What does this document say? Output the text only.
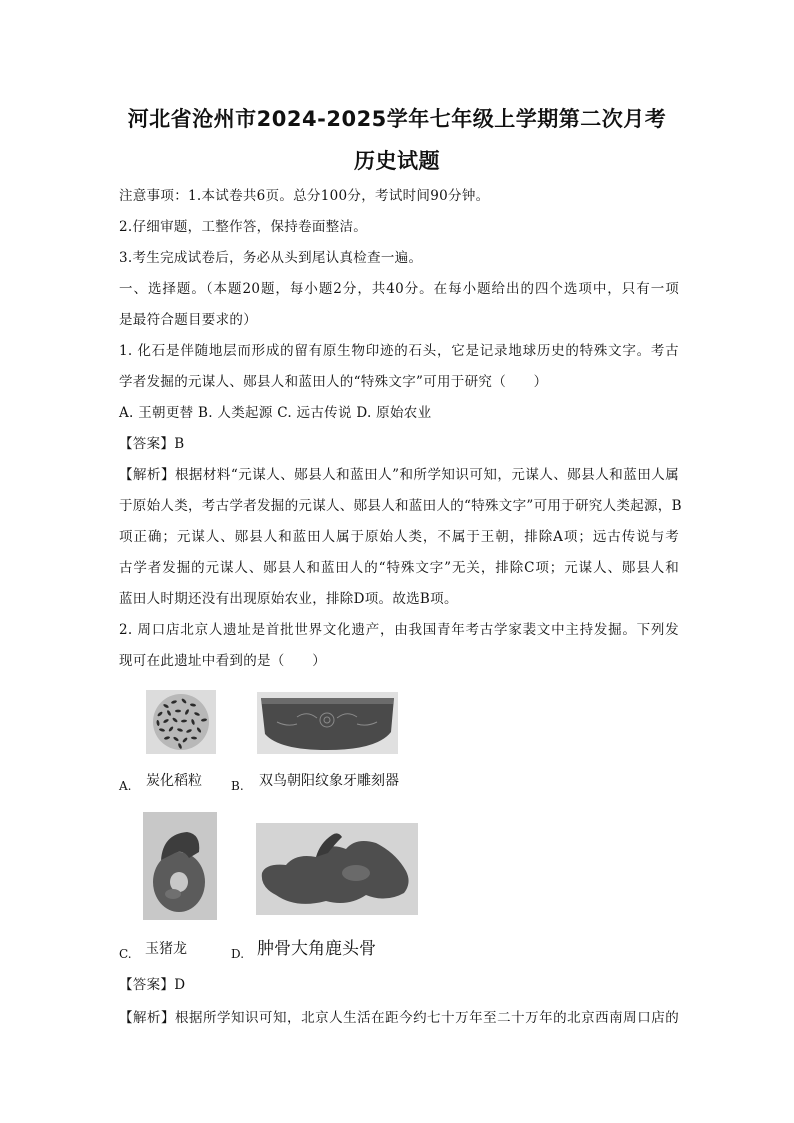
河北省沧州市2024-2025学年七年级上学期第二次月考
历史试题

注意事项：1.本试卷共6页。总分100分，考试时间90分钟。

2.仔细审题，工整作答，保持卷面整洁。

3.考生完成试卷后，务必从头到尾认真检查一遍。

一、选择题。（本题20题，每小题2分，共40分。在每小题给出的四个选项中，只有一项

是最符合题目要求的）

1. 化石是伴随地层而形成的留有原生物印迹的石头，它是记录地球历史的特殊文字。考古

学者发掘的元谋人、郧县人和蓝田人的“特殊文字”可用于研究（　　）

A. 王朝更替 B. 人类起源 C. 远古传说 D. 原始农业

【答案】B

【解析】根据材料“元谋人、郧县人和蓝田人”和所学知识可知，元谋人、郧县人和蓝田人属

于原始人类，考古学者发掘的元谋人、郧县人和蓝田人的“特殊文字”可用于研究人类起源，B

项正确；元谋人、郧县人和蓝田人属于原始人类，不属于王朝，排除A项；远古传说与考

古学者发掘的元谋人、郧县人和蓝田人的“特殊文字”无关，排除C项；元谋人、郧县人和

蓝田人时期还没有出现原始农业，排除D项。故选B项。

2. 周口店北京人遗址是首批世界文化遗产，由我国青年考古学家裴文中主持发掘。下列发

现可在此遗址中看到的是（　　）

A. 炭化稻粒 B. 双鸟朝阳纹象牙雕刻器

C. 玉猪龙	D. 肿骨大角鹿头骨

【答案】D

【解析】根据所学知识可知，北京人生活在距今约七十万年至二十万年的北京西南周口店的
